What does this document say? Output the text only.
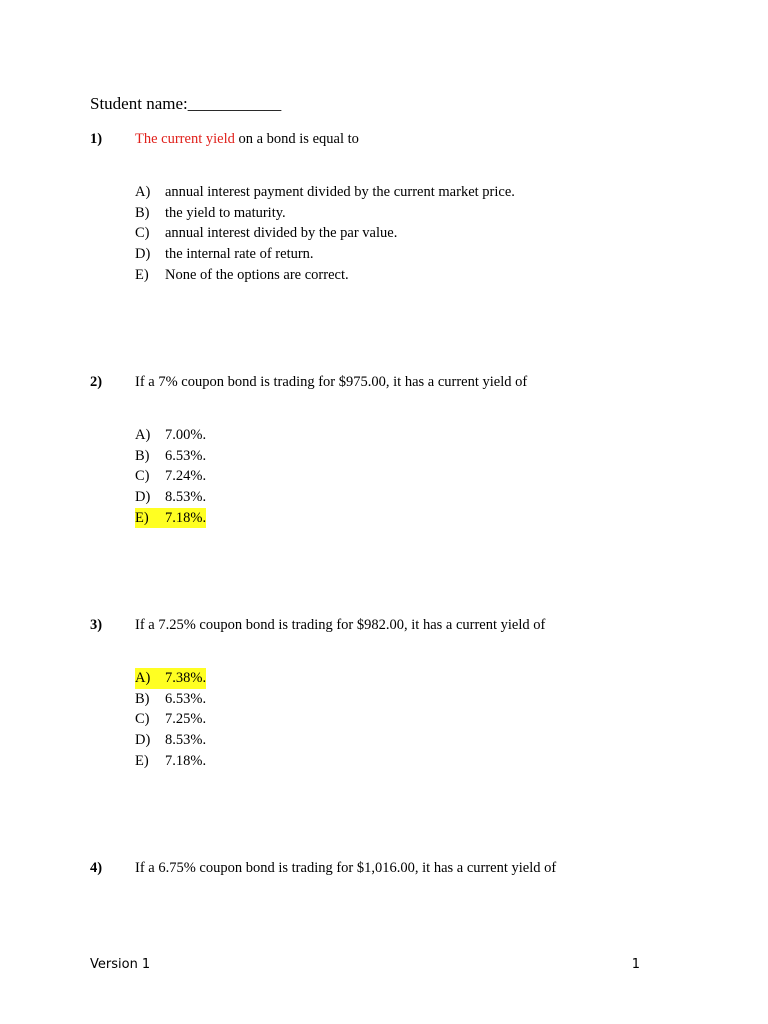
Student name:___________
1) The current yield on a bond is equal to
A) annual interest payment divided by the current market price.
B) the yield to maturity.
C) annual interest divided by the par value.
D) the internal rate of return.
E) None of the options are correct.
2) If a 7% coupon bond is trading for $975.00, it has a current yield of
A) 7.00%.
B) 6.53%.
C) 7.24%.
D) 8.53%.
E) 7.18%.
3) If a 7.25% coupon bond is trading for $982.00, it has a current yield of
A) 7.38%.
B) 6.53%.
C) 7.25%.
D) 8.53%.
E) 7.18%.
4) If a 6.75% coupon bond is trading for $1,016.00, it has a current yield of
Version 1	1
